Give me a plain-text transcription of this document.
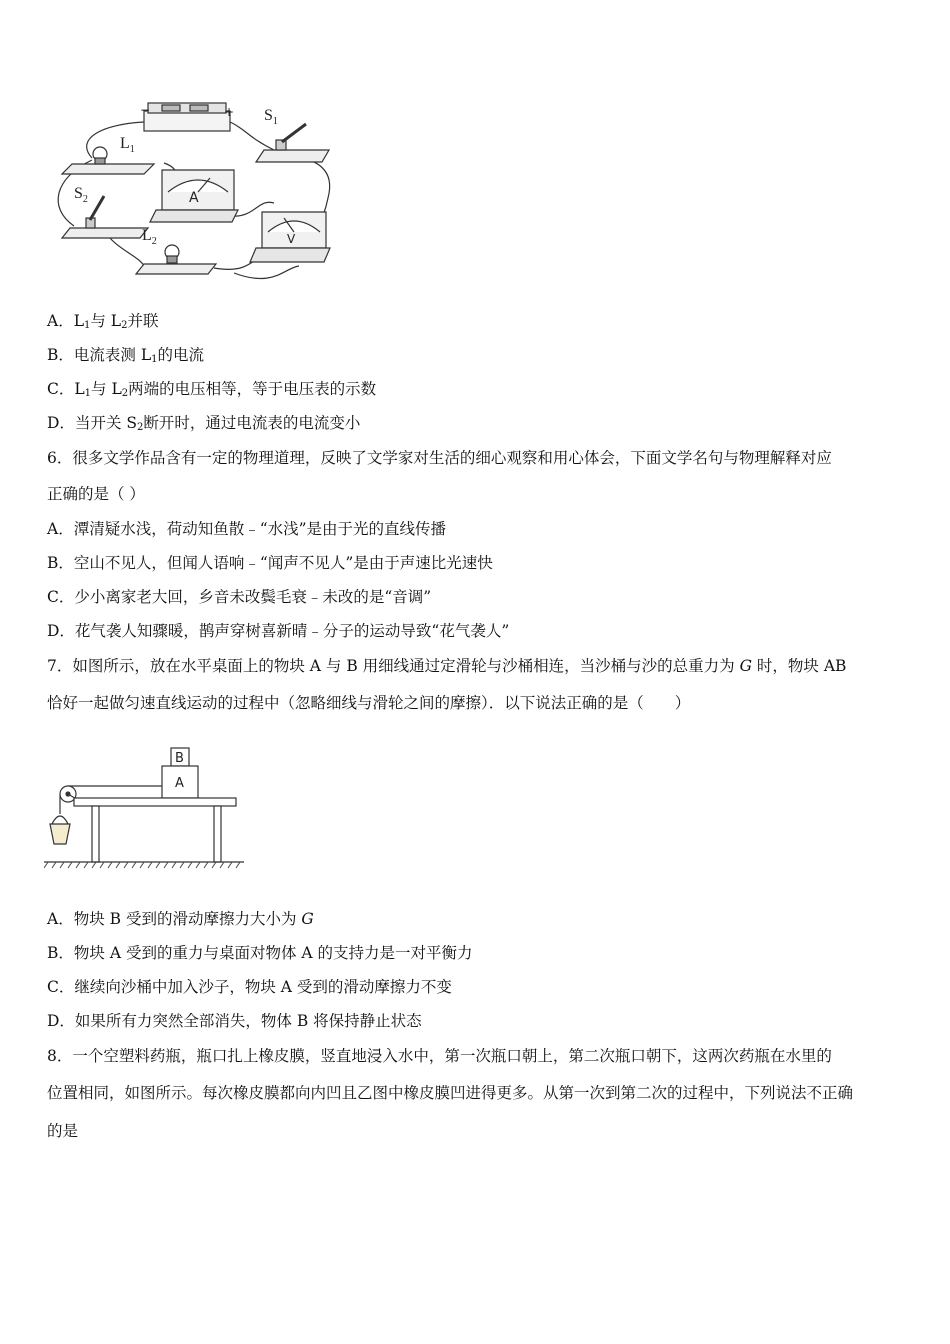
−	+ $S_1$
$L_1$
$S_2$
$L_2$
A
V
A．$L_1$与 $L_2$并联
B．电流表测 $L_1$的电流
C．$L_1$与 $L_2$两端的电压相等，等于电压表的示数
D．当开关 $S_2$断开时，通过电流表的电流变小
6．很多文学作品含有一定的物理道理，反映了文学家对生活的细心观察和用心体会，下面文学名句与物理解释对应
正确的是（ ）
A．潭清疑水浅，荷动知鱼散﹣“水浅”是由于光的直线传播
B．空山不见人，但闻人语响﹣“闻声不见人”是由于声速比光速快
C．少小离家老大回，乡音未改鬓毛衰﹣未改的是“音调”
D．花气袭人知骤暖，鹊声穿树喜新晴﹣分子的运动导致“花气袭人”
7．如图所示，放在水平桌面上的物块 A 与 B 用细线通过定滑轮与沙桶相连，当沙桶与沙的总重力为 G 时，物块 AB
恰好一起做匀速直线运动的过程中（忽略细线与滑轮之间的摩擦）．以下说法正确的是（　　）
B
A
A．物块 B 受到的滑动摩擦力大小为 G
B．物块 A 受到的重力与桌面对物体 A 的支持力是一对平衡力
C．继续向沙桶中加入沙子，物块 A 受到的滑动摩擦力不变
D．如果所有力突然全部消失，物体 B 将保持静止状态
8．一个空塑料药瓶，瓶口扎上橡皮膜，竖直地浸入水中，第一次瓶口朝上，第二次瓶口朝下，这两次药瓶在水里的
位置相同，如图所示。每次橡皮膜都向内凹且乙图中橡皮膜凹进得更多。从第一次到第二次的过程中，下列说法不正确
的是
